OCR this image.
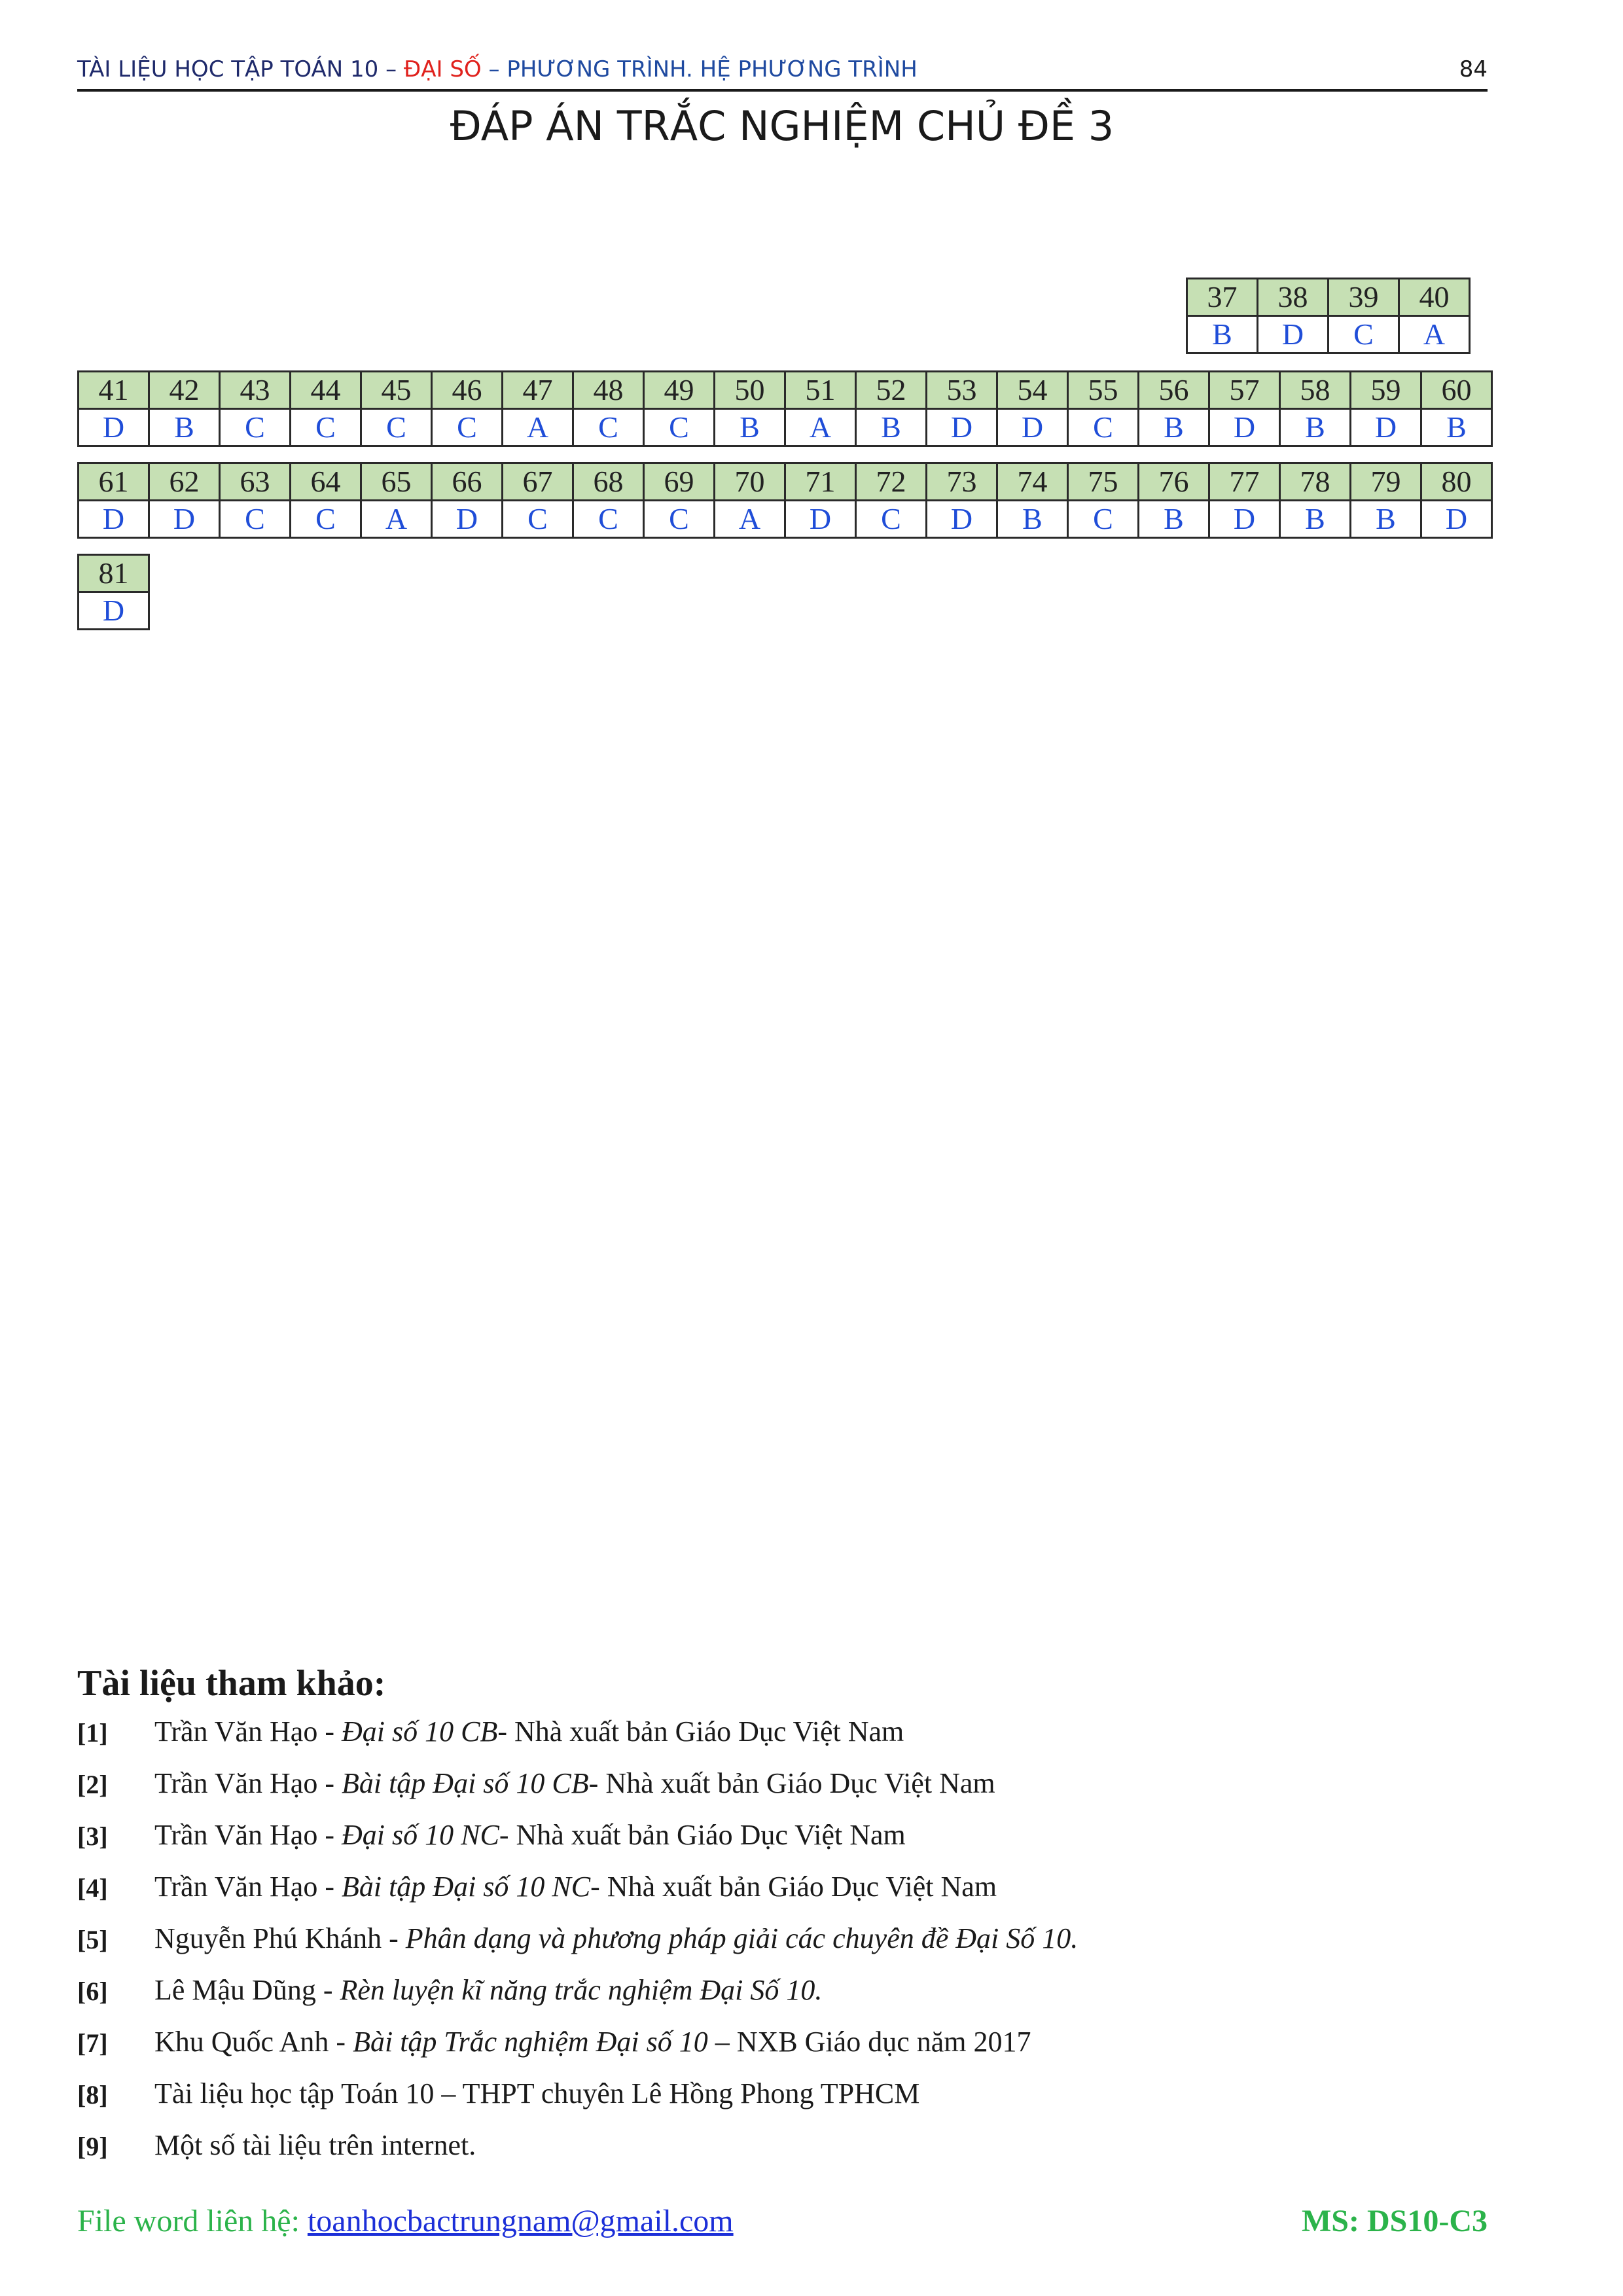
TÀI LIỆU HỌC TẬP TOÁN 10 – ĐẠI SỐ – PHƯƠNG TRÌNH. HỆ PHƯƠNG TRÌNH	84
ĐÁP ÁN TRẮC NGHIỆM CHỦ ĐỀ 3
37	38	39	40
B	D	C	A
41	42	43	44	45	46	47	48	49	50	51	52	53	54	55	56	57	58	59	60
D	B	C	C	C	C	A	C	C	B	A	B	D	D	C	B	D	B	D	B
61	62	63	64	65	66	67	68	69	70	71	72	73	74	75	76	77	78	79	80
D	D	C	C	A	D	C	C	C	A	D	C	D	B	C	B	D	B	B	D
81
D
Tài liệu tham khảo:
[1] Trần Văn Hạo - Đại số 10 CB- Nhà xuất bản Giáo Dục Việt Nam
[2] Trần Văn Hạo - Bài tập Đại số 10 CB- Nhà xuất bản Giáo Dục Việt Nam
[3] Trần Văn Hạo - Đại số 10 NC- Nhà xuất bản Giáo Dục Việt Nam
[4] Trần Văn Hạo - Bài tập Đại số 10 NC- Nhà xuất bản Giáo Dục Việt Nam
[5] Nguyễn Phú Khánh - Phân dạng và phương pháp giải các chuyên đề Đại Số 10.
[6] Lê Mậu Dũng - Rèn luyện kĩ năng trắc nghiệm Đại Số 10.
[7] Khu Quốc Anh - Bài tập Trắc nghiệm Đại số 10 – NXB Giáo dục năm 2017
[8] Tài liệu học tập Toán 10 – THPT chuyên Lê Hồng Phong TPHCM
[9] Một số tài liệu trên internet.
File word liên hệ: toanhocbactrungnam@gmail.com	MS: DS10-C3
